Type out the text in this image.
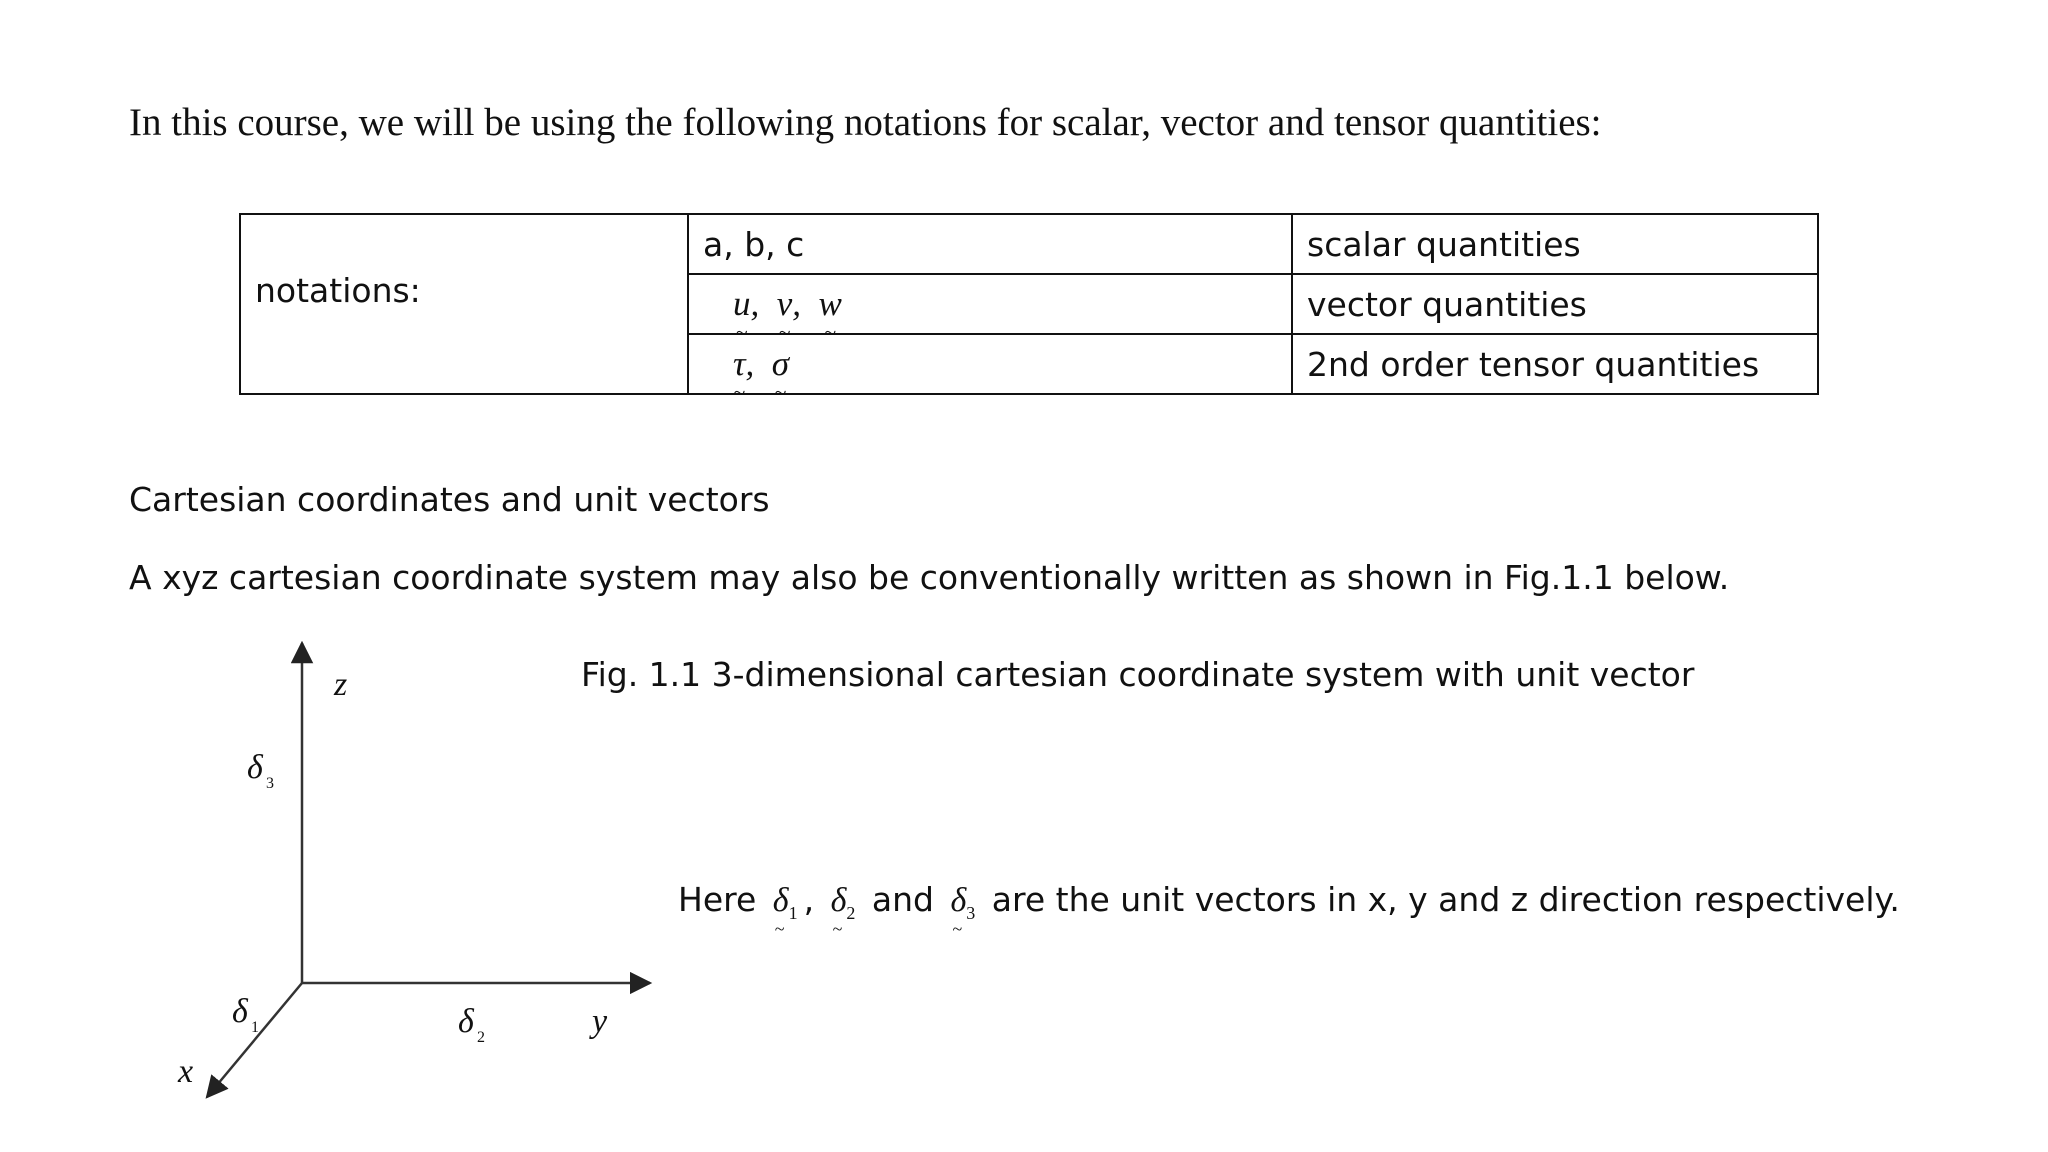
In this course, we will be using the following notations for scalar, vector and tensor quantities:

notations:	a, b, c	scalar quantities
	u ~,  v ~,  w ~	vector quantities
	τ ~,  σ ~	2nd order tensor quantities

Cartesian coordinates and unit vectors

A xyz cartesian coordinate system may also be conventionally written as shown in Fig.1.1 below.

z
y
x
δ 3
δ 1	δ 2

Fig. 1.1 3-dimensional cartesian coordinate system with unit vector

Here $\delta_1$ ~ , $\delta_2$ ~ and $\delta_3$ ~ are the unit vectors in x, y and z direction respectively.
